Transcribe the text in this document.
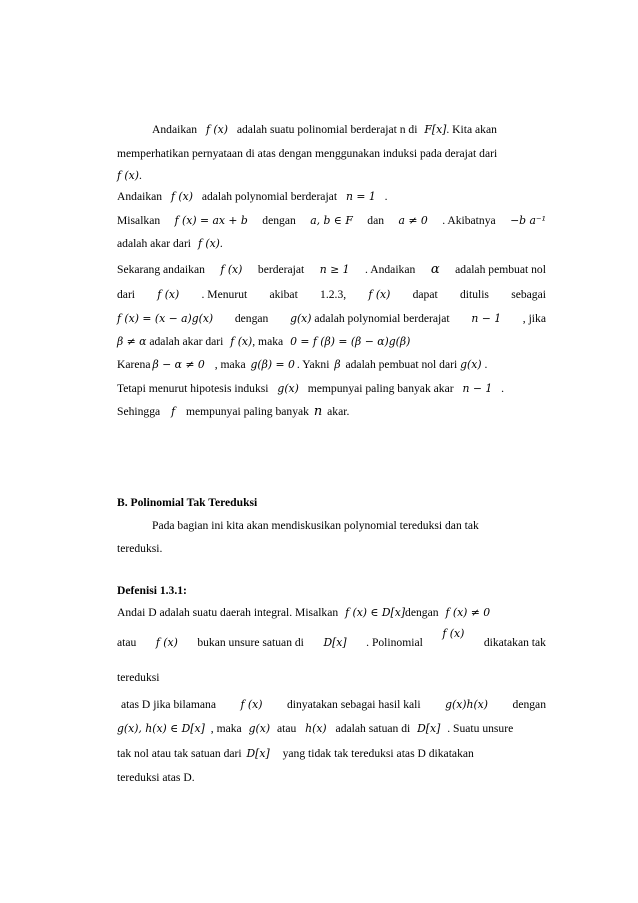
Andaikan f (x) adalah suatu polinomial berderajat n di F[x]. Kita akan
memperhatikan pernyataan di atas dengan menggunakan induksi pada derajat dari
f (x).
Andaikan f (x) adalah polynomial berderajat n = 1 .
Misalkan f (x) = ax + b dengan a, b ∈ F dan a ≠ 0 . Akibatnya −b a⁻¹
adalah akar dari f (x).
Sekarang andaikan f (x) berderajat n ≥ 1 . Andaikan α adalah pembuat nol
dari f (x) . Menurut akibat 1.2.3, f (x) dapat ditulis sebagai
f (x) = (x − a)g(x) dengan g(x) adalah polynomial berderajat n − 1 , jika
β ≠ α adalah akar dari f (x), maka 0 = f (β) = (β − α)g(β)
Karena β − α ≠ 0 , maka g(β) = 0 . Yakni β adalah pembuat nol dari g(x) .
Tetapi menurut hipotesis induksi g(x) mempunyai paling banyak akar n − 1 .
Sehingga f mempunyai paling banyak n akar.
B. Polinomial Tak Tereduksi
Pada bagian ini kita akan mendiskusikan polynomial tereduksi dan tak
tereduksi.
Defenisi 1.3.1:
Andai D adalah suatu daerah integral. Misalkan f (x) ∈ D[x]dengan f (x) ≠ 0
atau f (x) bukan unsure satuan di D[x] . Polinomial
f (x)
dikatakan tak
tereduksi
atas D jika bilamana f (x) dinyatakan sebagai hasil kali g(x)h(x) dengan
g(x), h(x) ∈ D[x] , maka g(x) atau h(x) adalah satuan di D[x] . Suatu unsure
tak nol atau tak satuan dari D[x] yang tidak tak tereduksi atas D dikatakan
tereduksi atas D.
